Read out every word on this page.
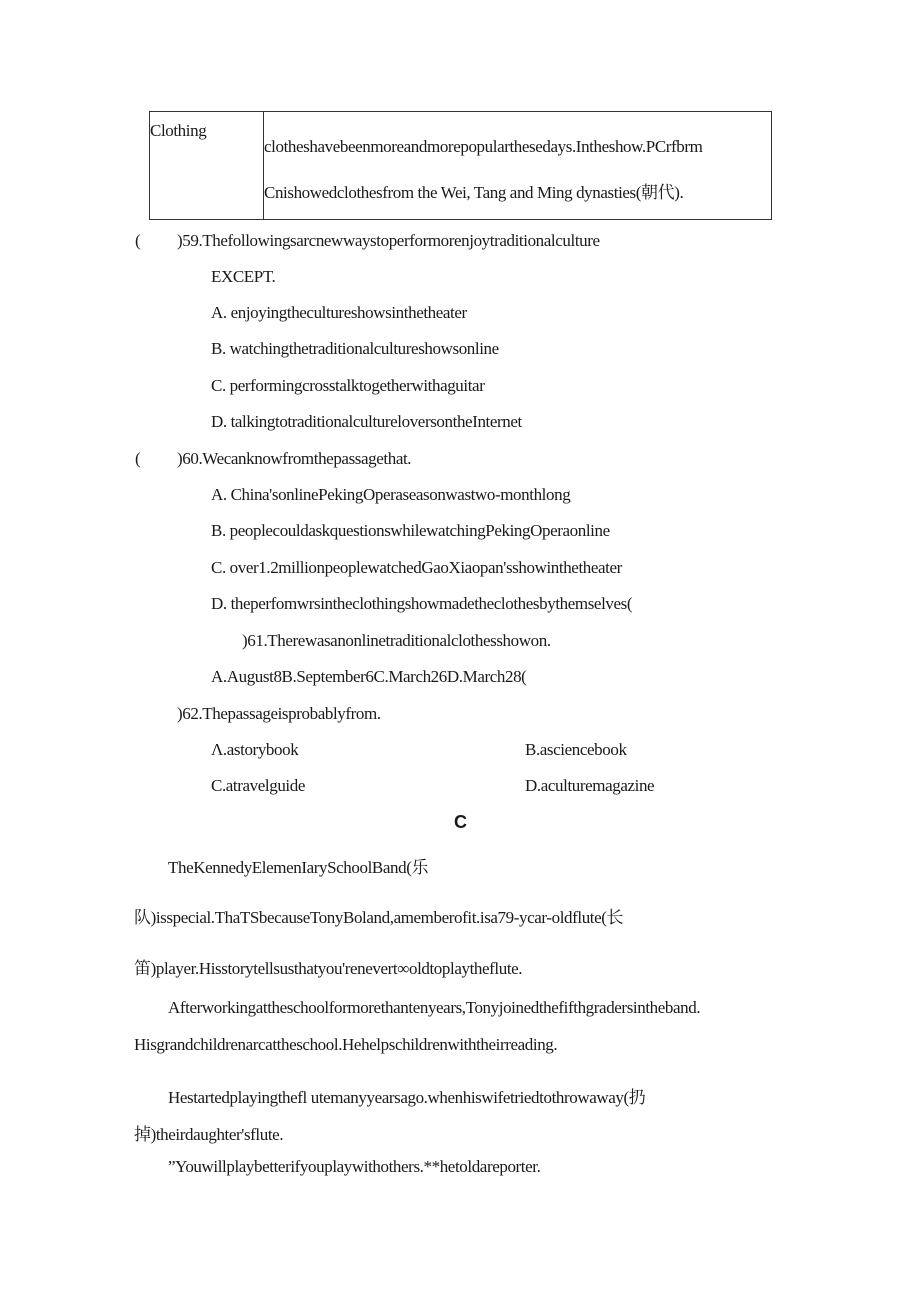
Clothing
clotheshavebeenmoreandmorepopularthesedays.Intheshow.PCrfbrm
Cnishowedclothesfrom the Wei, Tang and Ming dynasties(朝代).
( )59.Thefollowingsarcnewwaystoperformorenjoytraditionalculture
EXCEPT.
A. enjoyingthecultureshowsinthetheater
B. watchingthetraditionalcultureshowsonline
C. performingcrosstalktogetherwithaguitar
D. talkingtotraditionalcultureloversontheInternet
( )60.Wecanknowfromthepassagethat.
A. China'sonlinePekingOperaseasonwastwo-monthlong
B. peoplecouldaskquestionswhilewatchingPekingOperaonline
C. over1.2millionpeoplewatchedGaoXiaopan'sshowinthetheater
D. theperfomwrsintheclothingshowmadetheclothesbythemselves(
)61.Therewasanonlinetraditionalclothesshowon.
A.August8B.September6C.March26D.March28(
)62.Thepassageisprobablyfrom.
Λ.astorybook	B.asciencebook
C.atravelguide	D.aculturemagazine
C
TheKennedyElemenIarySchoolBand(乐
队)isspecial.ThaTSbecauseTonyBoland,amemberofit.isa79-ycar-oldflute(长
笛)player.Hisstorytellsusthatyou'renevert∞oldtoplaytheflute.
Afterworkingattheschoolformorethantenyears,Tonyjoinedthefifthgradersintheband.
Hisgrandchildrenarcattheschool.Hehelpschildrenwiththeirreading.
Hestartedplayingthefl utemanyyearsago.whenhiswifetriedtothrowaway(扔
掉)theirdaughter'sflute.
”Youwillplaybetterifyouplaywithothers.**hetoldareporter.
